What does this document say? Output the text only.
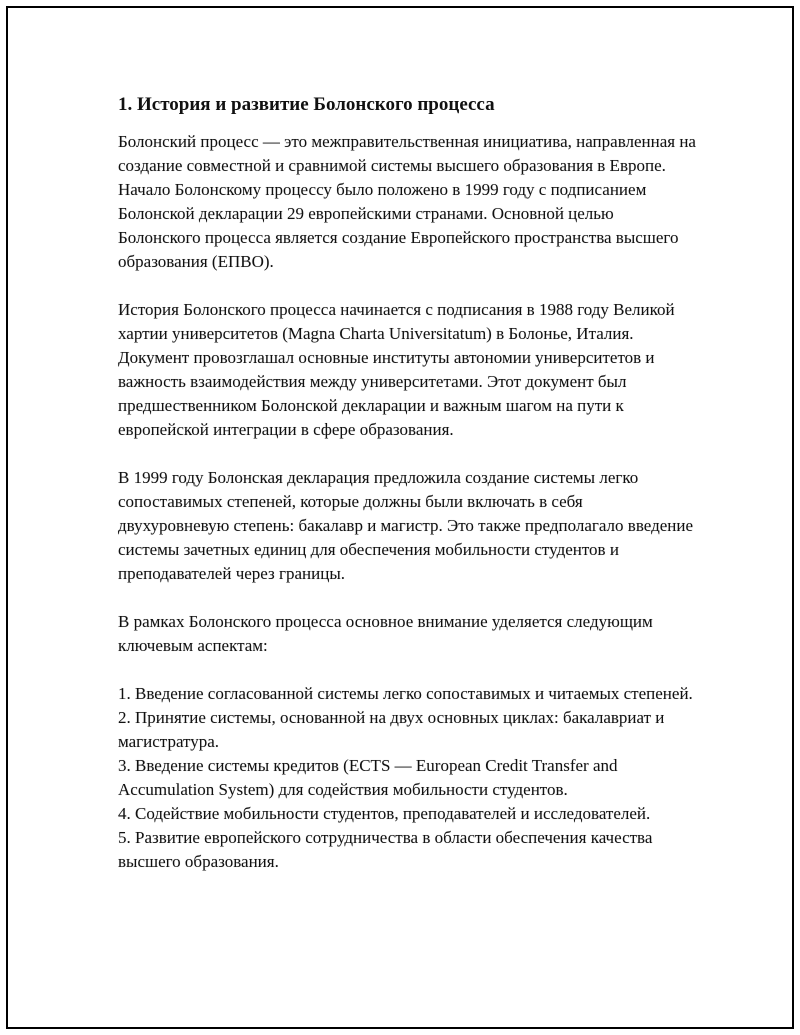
1. История и развитие Болонского процесса

Болонский процесс — это межправительственная инициатива, направленная на создание совместной и сравнимой системы высшего образования в Европе. Начало Болонскому процессу было положено в 1999 году с подписанием Болонской декларации 29 европейскими странами. Основной целью Болонского процесса является создание Европейского пространства высшего образования (ЕПВО).

История Болонского процесса начинается с подписания в 1988 году Великой хартии университетов (Magna Charta Universitatum) в Болонье, Италия. Документ провозглашал основные институты автономии университетов и важность взаимодействия между университетами. Этот документ был предшественником Болонской декларации и важным шагом на пути к европейской интеграции в сфере образования.

В 1999 году Болонская декларация предложила создание системы легко сопоставимых степеней, которые должны были включать в себя двухуровневую степень: бакалавр и магистр. Это также предполагало введение системы зачетных единиц для обеспечения мобильности студентов и преподавателей через границы.

В рамках Болонского процесса основное внимание уделяется следующим ключевым аспектам:

1. Введение согласованной системы легко сопоставимых и читаемых степеней.
2. Принятие системы, основанной на двух основных циклах: бакалавриат и магистратура.
3. Введение системы кредитов (ECTS — European Credit Transfer and Accumulation System) для содействия мобильности студентов.
4. Содействие мобильности студентов, преподавателей и исследователей.
5. Развитие европейского сотрудничества в области обеспечения качества высшего образования.
